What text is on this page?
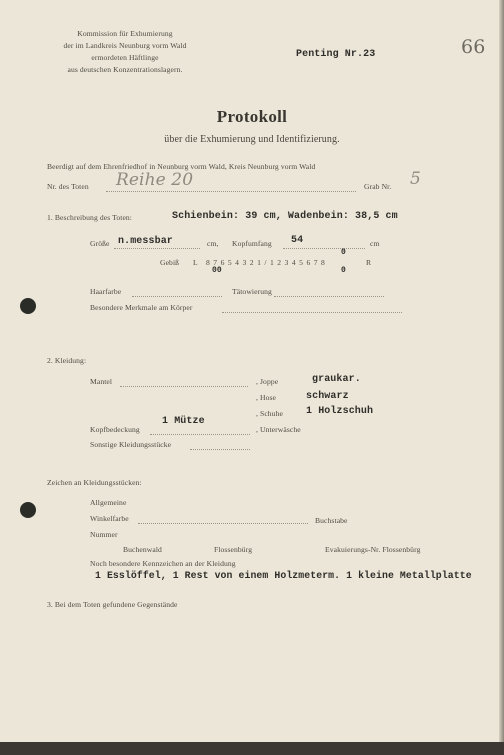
Kommission für Exhumierung
der im Landkreis Neunburg vorm Wald
ermordeten Häftlinge
aus deutschen Konzentrationslagern.
Penting Nr.23	66
Protokoll
über die Exhumierung und Identifizierung.
Beerdigt auf dem Ehrenfriedhof in Neunburg vorm Wald, Kreis Neunburg vorm Wald
Nr. des Toten Reihe 20	Grab Nr. 5
1. Beschreibung des Toten:	Schienbein: 39 cm, Wadenbein: 38,5 cm
Größe n.messbar	cm, Kopfumfang 54	cm
0
Gebiß L 8 7 6 5 4 3 2 1 / 1 2 3 4 5 6 7 8	R
00	0
Haarfarbe	Tätowierung
Besondere Merkmale am Körper
2. Kleidung:
Mantel	, Joppe	graukar.
, Hose	schwarz
, Schuhe 1 Holzschuh
1 Mütze
Kopfbedeckung	, Unterwäsche
Sonstige Kleidungsstücke
Zeichen an Kleidungsstücken:
Allgemeine
Winkelfarbe	Buchstabe
Nummer
Buchenwald	Flossenbürg	Evakuierungs-Nr. Flossenbürg
Noch besondere Kennzeichen an der Kleidung
1 Esslöffel, 1 Rest von einem Holzmeterm. 1 kleine Metallplatte
3. Bei dem Toten gefundene Gegenstände
